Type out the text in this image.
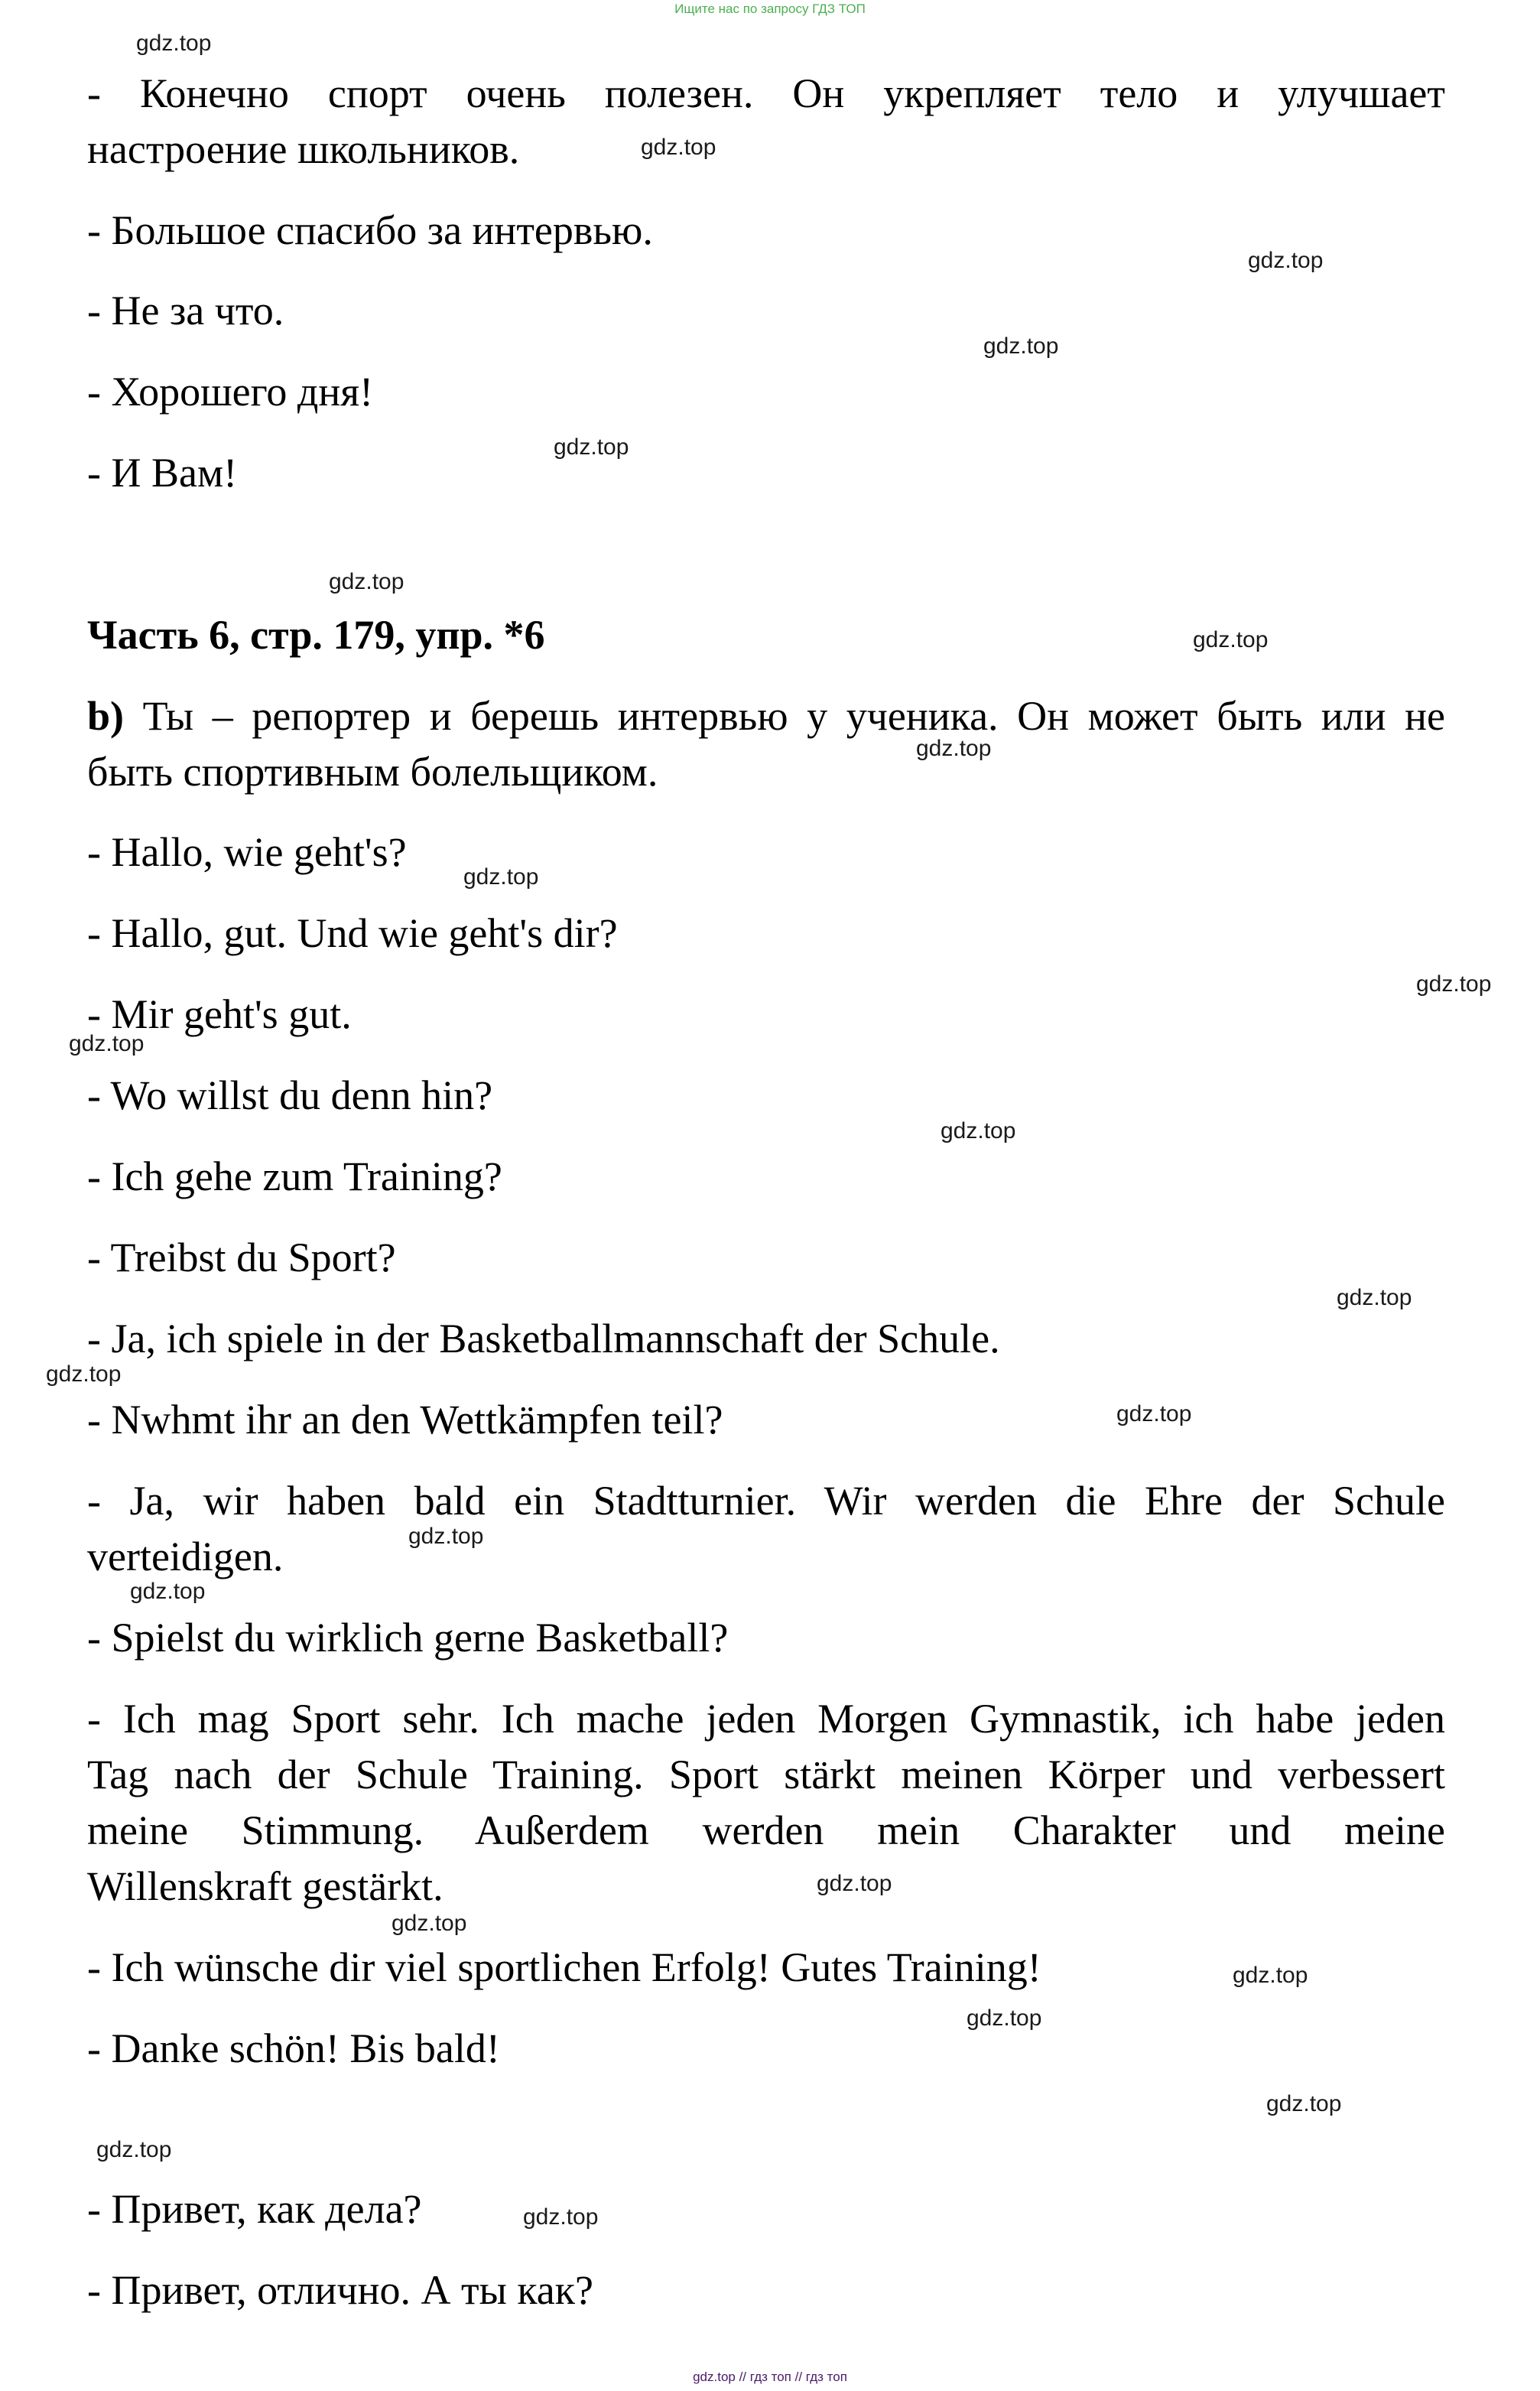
Ищите нас по запросу ГДЗ ТОП

- Конечно спорт очень полезен. Он укрепляет тело и улучшает

настроение школьников.

- Большое спасибо за интервью.

- Не за что.

- Хорошего дня!

- И Вам!

Часть 6, стр. 179, упр. *6

b) Ты – репортер и берешь интервью у ученика. Он может быть или не

быть спортивным болельщиком.

- Hallo, wie geht's?

- Hallo, gut. Und wie geht's dir?

- Mir geht's gut.

- Wo willst du denn hin?

- Ich gehe zum Training?

- Treibst du Sport?

- Ja, ich spiele in der Basketballmannschaft der Schule.

- Nwhmt ihr an den Wettkämpfen teil?

- Ja, wir haben bald ein Stadtturnier. Wir werden die Ehre der Schule

verteidigen.

- Spielst du wirklich gerne Basketball?

- Ich mag Sport sehr. Ich mache jeden Morgen Gymnastik, ich habe jeden

Tag nach der Schule Training. Sport stärkt meinen Körper und verbessert

meine Stimmung. Außerdem werden mein Charakter und meine

Willenskraft gestärkt.

- Ich wünsche dir viel sportlichen Erfolg! Gutes Training!

- Danke schön! Bis bald!

- Привет, как дела?

- Привет, отлично. А ты как?

gdz.top
gdz.top
gdz.top
gdz.top
gdz.top
gdz.top
gdz.top
gdz.top
gdz.top
gdz.top
gdz.top
gdz.top
gdz.top
gdz.top
gdz.top
gdz.top
gdz.top
gdz.top
gdz.top
gdz.top
gdz.top
gdz.top
gdz.top
gdz.top
gdz.top // гдз топ // гдз топ
